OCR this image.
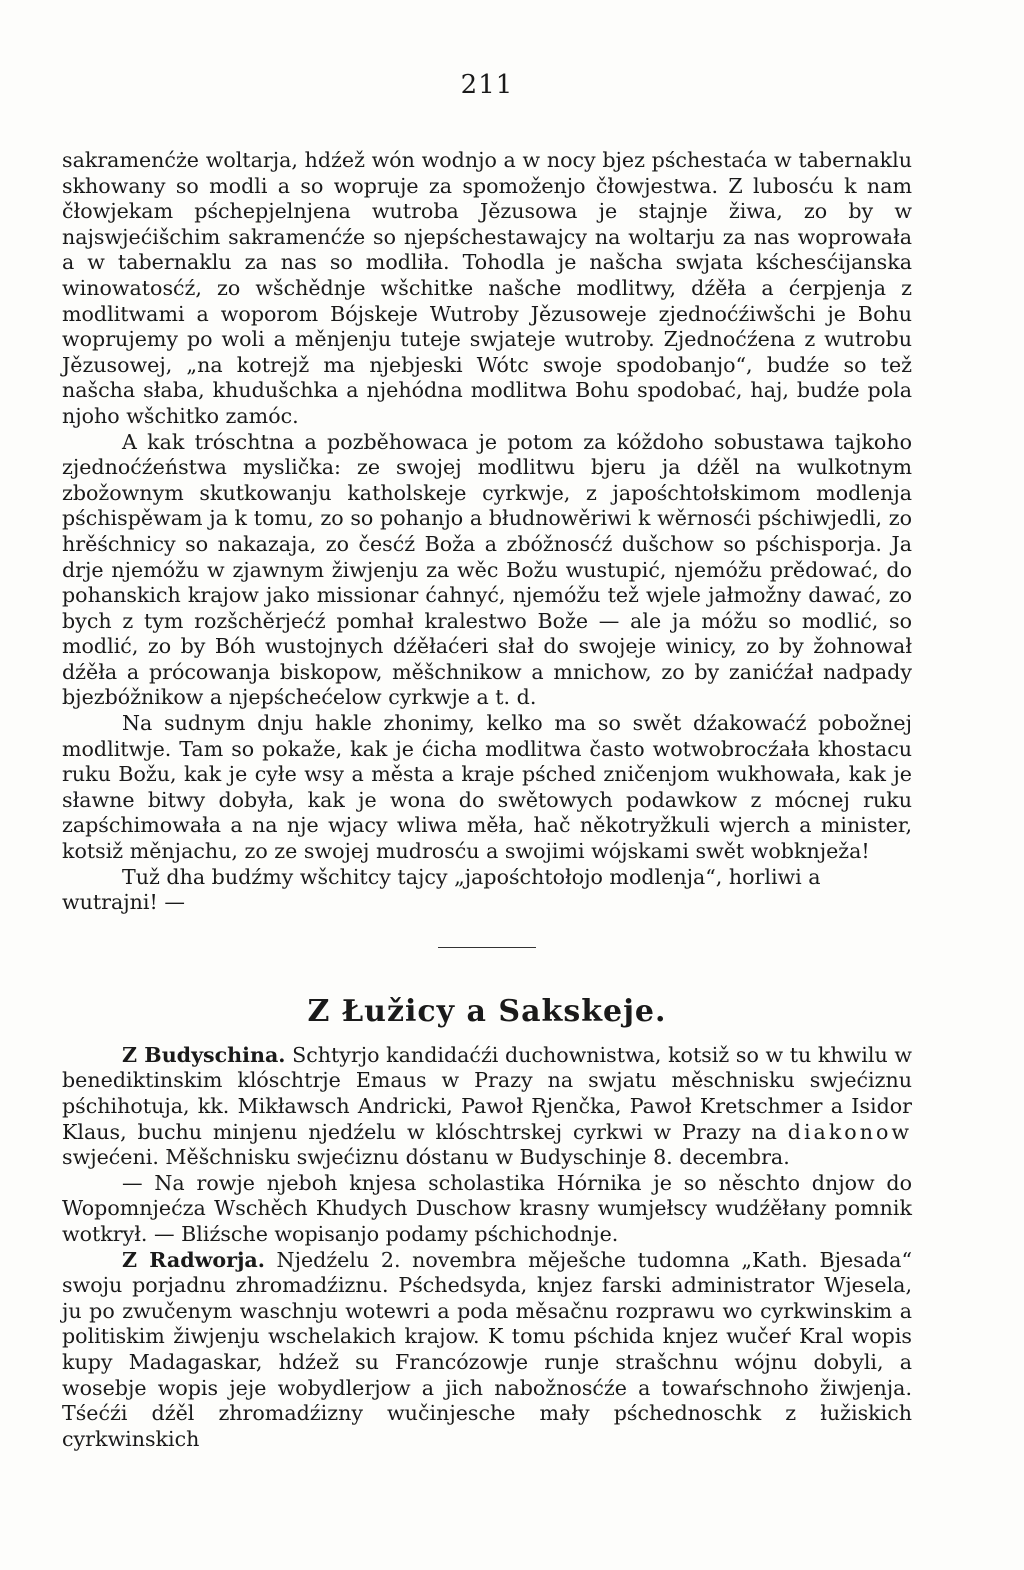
211

sakramenćże woltarja, hdźež wón wodnjo a w nocy bjez pśchestaća w tabernaklu skhowany so modli a so wopruje za spomoženjo čłowjestwa. Z lubosću k nam čłowjekam pśchepjelnjena wutroba Jězusowa je stajnje žiwa, zo by w najswjećišchim sakramenćźe so njepśchestawajcy na woltarju za nas woprowała a w tabernaklu za nas so modliła. Tohodla je našcha swjata kśchesćijanska winowatosćź, zo wšchědnje wšchitke našche modlitwy, dźěła a ćerpjenja z modlitwami a woporom Bójskeje Wutroby Jězusoweje zjednoćźiwšchi je Bohu woprujemy po woli a měnjenju tuteje swjateje wutroby. Zjednoćźena z wutrobu Jězusowej, „na kotrejž ma njebjeski Wótc swoje spodobanjo“, budźe so tež našcha słaba, khudušchka a njehódna modlitwa Bohu spodobać, haj, budźe pola njoho wšchitko zamóc.

A kak tróschtna a pozběhowaca je potom za kóždoho sobustawa tajkoho zjednoćźeństwa myslička: ze swojej modlitwu bjeru ja dźěl na wulkotnym zbožownym skutkowanju katholskeje cyrkwje, z japośchtołskimom modlenja pśchispěwam ja k tomu, zo so pohanjo a błudnowěriwi k wěrnosći pśchiwjedli, zo hrěśchnicy so nakazaja, zo česćź Boža a zbóžnosćź dušchow so pśchisporja. Ja drje njemóžu w zjawnym žiwjenju za wěc Božu wustupić, njemóžu prědować, do pohanskich krajow jako missionar ćahnyć, njemóžu tež wjele jałmožny dawać, zo bych z tym rozšchěrjećź pomhał kralestwo Bože — ale ja móžu so modlić, so modlić, zo by Bóh wustojnych dźěłaćeri słał do swojeje winicy, zo by žohnował dźěła a prócowanja biskopow, měšchnikow a mnichow, zo by zanićźał nadpady bjezbóžnikow a njepśchećelow cyrkwje a t. d.

Na sudnym dnju hakle zhonimy, kelko ma so swět dźakowaćź pobožnej modlitwje. Tam so pokaže, kak je ćicha modlitwa často wotwobrocźała khostacu ruku Božu, kak je cyłe wsy a města a kraje pśched zničenjom wukhowała, kak je sławne bitwy dobyła, kak je wona do swětowych podawkow z mócnej ruku zapśchimowała a na nje wjacy wliwa měła, hač někotryžkuli wjerch a minister, kotsiž měnjachu, zo ze swojej mudrosću a swojimi wójskami swět wobknježa!

Tuž dha budźmy wšchitcy tajcy „japośchtołojo modlenja“, horliwi a wutrajni! —

Z Łužicy a Sakskeje.

Z Budyschina. Schtyrjo kandidaćźi duchownistwa, kotsiž so w tu khwilu w benediktinskim klóschtrje Emaus w Prazy na swjatu měschnisku swjećiznu pśchihotuja, kk. Mikławsch Andricki, Pawoł Rjenčka, Pawoł Kretschmer a Isidor Klaus, buchu minjenu njedźelu w klóschtrskej cyrkwi w Prazy na diakonow swjećeni. Měšchnisku swjećiznu dóstanu w Budyschinje 8. decembra.

— Na rowje njeboh knjesa scholastika Hórnika je so něschto dnjow do Wopomnjećza Wschěch Khudych Duschow krasny wumjełscy wudźěłany pomnik wotkrył. — Bliźsche wopisanjo podamy pśchichodnje.

Z Radworja. Njedźelu 2. novembra měješche tudomna „Kath. Bjesada“ swoju porjadnu zhromadźiznu. Pśchedsyda, knjez farski administrator Wjesela, ju po zwučenym waschnju wotewri a poda měsačnu rozprawu wo cyrkwinskim a politiskim žiwjenju wschelakich krajow. K tomu pśchida knjez wučeŕ Kral wopis kupy Madagaskar, hdźež su Francózowje runje strašchnu wójnu dobyli, a wosebje wopis jeje wobydlerjow a jich nabožnosćźe a towaŕschnoho žiwjenja. Tśećźi dźěl zhromadźizny wučinjesche mały pśchednoschk z łužiskich cyrkwinskich
